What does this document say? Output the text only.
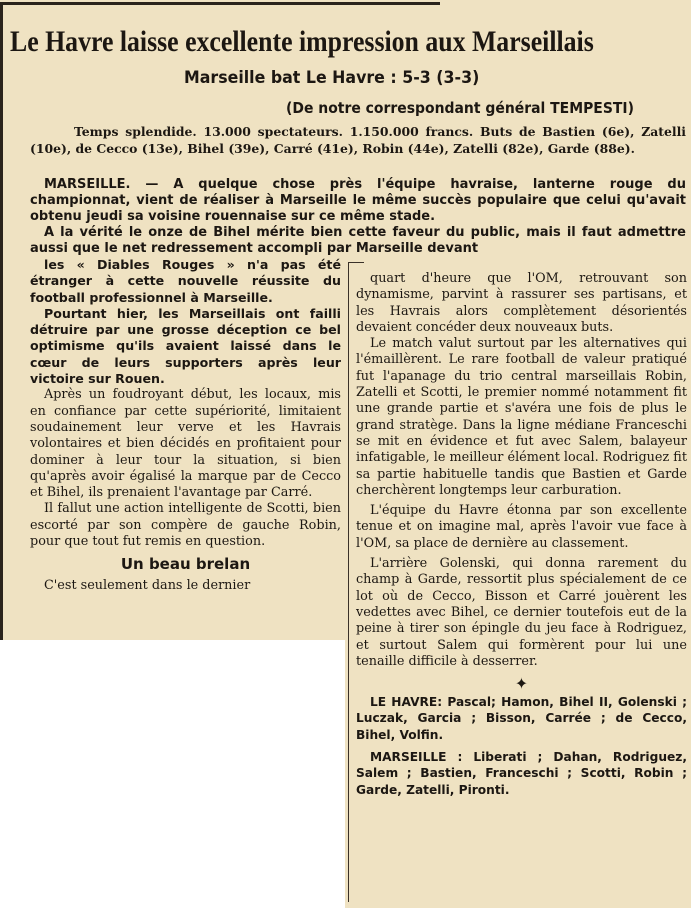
Le Havre laisse excellente impression aux Marseillais
Marseille bat Le Havre : 5-3 (3-3)
(De notre correspondant général TEMPESTI)
Temps splendide. 13.000 spectateurs. 1.150.000 francs. Buts de Bastien (6e), Zatelli (10e), de Cecco (13e), Bihel (39e), Carré (41e), Robin (44e), Zatelli (82e), Garde (88e).

MARSEILLE. — A quelque chose près l'équipe havraise, lanterne rouge du championnat, vient de réaliser à Marseille le même succès populaire que celui qu'avait obtenu jeudi sa voisine rouennaise sur ce même stade.

A la vérité le onze de Bihel mérite bien cette faveur du public, mais il faut admettre aussi que le net redressement accompli par Marseille devant

les « Diables Rouges » n'a pas été étranger à cette nouvelle réussite du football professionnel à Marseille.

Pourtant hier, les Marseillais ont failli détruire par une grosse déception ce bel optimisme qu'ils avaient laissé dans le cœur de leurs supporters après leur victoire sur Rouen.

Après un foudroyant début, les locaux, mis en confiance par cette supériorité, limitaient soudainement leur verve et les Havrais volontaires et bien décidés en profitaient pour dominer à leur tour la situation, si bien qu'après avoir égalisé la marque par de Cecco et Bihel, ils prenaient l'avantage par Carré.

Il fallut une action intelligente de Scotti, bien escorté par son compère de gauche Robin, pour que tout fut remis en question.

Un beau brelan

C'est seulement dans le dernier

quart d'heure que l'OM, retrouvant son dynamisme, parvint à rassurer ses partisans, et les Havrais alors complètement désorientés devaient concéder deux nouveaux buts.

Le match valut surtout par les alternatives qui l'émaillèrent. Le rare football de valeur pratiqué fut l'apanage du trio central marseillais Robin, Zatelli et Scotti, le premier nommé notamment fit une grande partie et s'avéra une fois de plus le grand stratège. Dans la ligne médiane Franceschi se mit en évidence et fut avec Salem, balayeur infatigable, le meilleur élément local. Rodriguez fit sa partie habituelle tandis que Bastien et Garde cherchèrent longtemps leur carburation.

L'équipe du Havre étonna par son excellente tenue et on imagine mal, après l'avoir vue face à l'OM, sa place de dernière au classement.

L'arrière Golenski, qui donna rarement du champ à Garde, ressortit plus spécialement de ce lot où de Cecco, Bisson et Carré jouèrent les vedettes avec Bihel, ce dernier toutefois eut de la peine à tirer son épingle du jeu face à Rodriguez, et surtout Salem qui formèrent pour lui une tenaille difficile à desserrer.

✦

LE HAVRE: Pascal; Hamon, Bihel II, Golenski ; Luczak, Garcia ; Bisson, Carrée ; de Cecco, Bihel, Volfin.

MARSEILLE : Liberati ; Dahan, Rodriguez, Salem ; Bastien, Franceschi ; Scotti, Robin ; Garde, Zatelli, Pironti.
